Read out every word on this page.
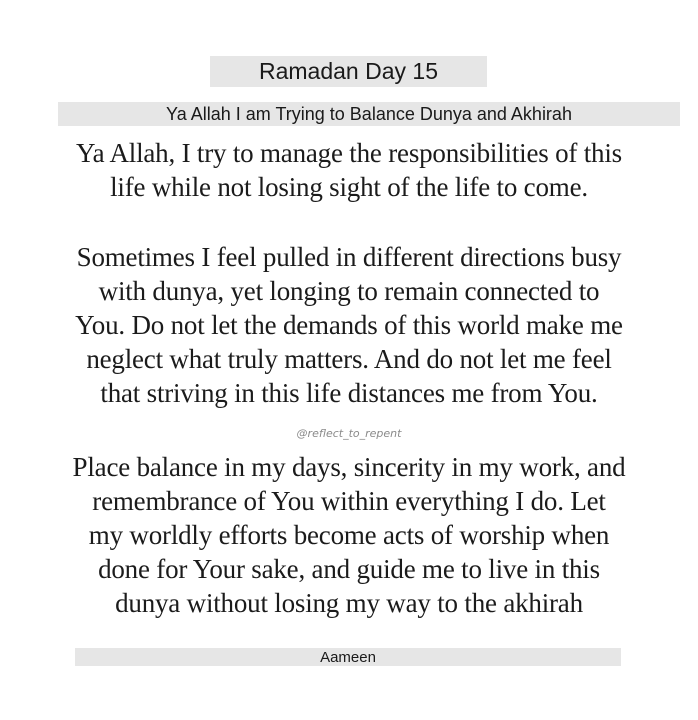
Ramadan Day 15
Ya Allah I am Trying to Balance Dunya and Akhirah
Ya Allah, I try to manage the responsibilities of this
life while not losing sight of the life to come.
Sometimes I feel pulled in different directions busy
with dunya, yet longing to remain connected to
You. Do not let the demands of this world make me
neglect what truly matters. And do not let me feel
that striving in this life distances me from You.
@reflect_to_repent
Place balance in my days, sincerity in my work, and
remembrance of You within everything I do. Let
my worldly efforts become acts of worship when
done for Your sake, and guide me to live in this
dunya without losing my way to the akhirah
Aameen
